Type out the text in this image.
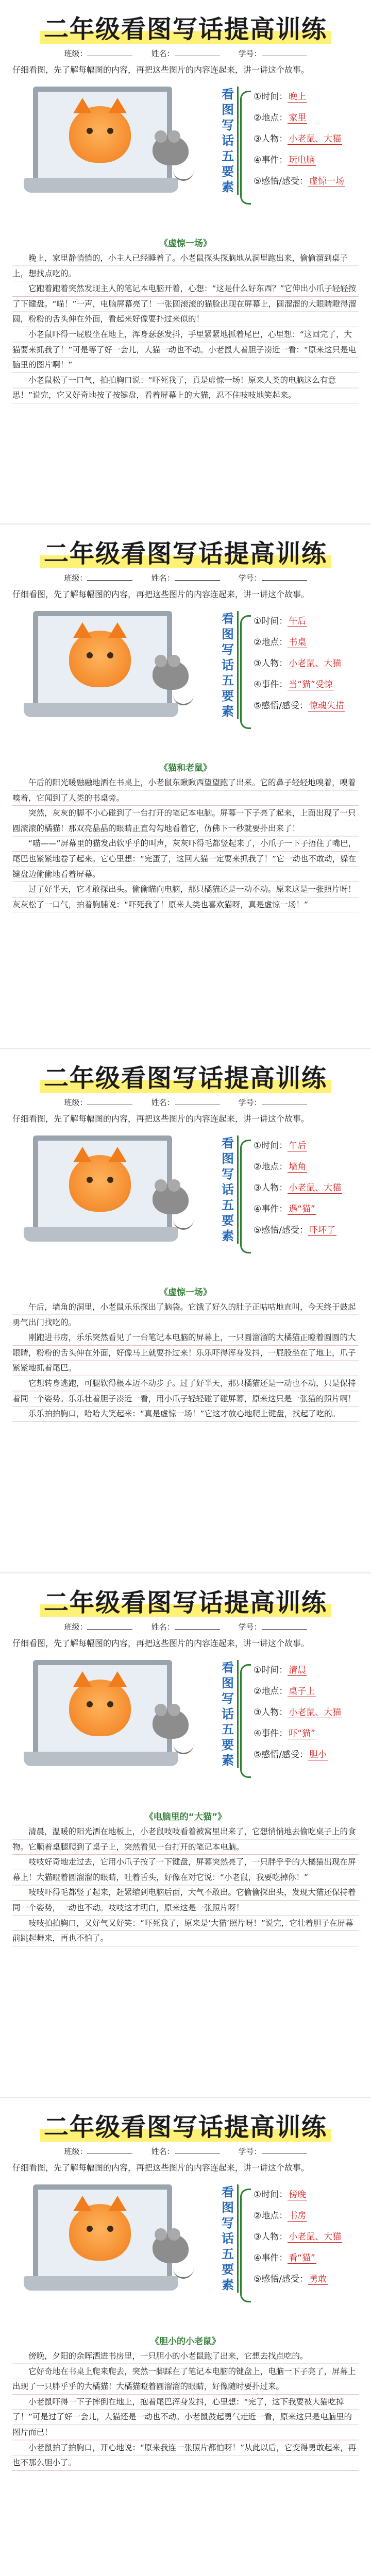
二年级看图写话提高训练
班级：	姓名：	学号：

仔细看图，先了解每幅图的内容，再把这些图片的内容连起来，讲一讲这个故事。

看图写话五要素
①时间： 晚上
②地点： 家里
③人物： 小老鼠、大猫
④事件： 玩电脑
⑤感悟/感受： 虚惊一场
《虚惊一场》

晚上，家里静悄悄的，小主人已经睡着了。小老鼠探头探脑地从洞里跑出来，偷偷溜到桌子上，想找点吃的。

它跑着跑着突然发现主人的笔记本电脑开着，心想：“这是什么好东西？”它伸出小爪子轻轻按了下键盘。“喵！”一声，电脑屏幕亮了！一张圆滚滚的猫脸出现在屏幕上，圆溜溜的大眼睛瞪得溜圆，粉粉的舌头伸在外面，看起来好像要扑过来似的！

小老鼠吓得一屁股坐在地上，浑身瑟瑟发抖，手里紧紧地抓着尾巴，心里想：“这回完了，大猫要来抓我了！”可是等了好一会儿，大猫一动也不动。小老鼠大着胆子凑近一看：“原来这只是电脑里的图片啊！”

小老鼠松了一口气，拍拍胸口说：“吓死我了，真是虚惊一场！原来人类的电脑这么有意思！”说完，它又好奇地按了按键盘，看着屏幕上的大猫，忍不住吱吱地笑起来。

二年级看图写话提高训练
班级：	姓名：	学号：

仔细看图，先了解每幅图的内容，再把这些图片的内容连起来，讲一讲这个故事。

看图写话五要素
①时间： 午后
②地点： 书桌
③人物： 小老鼠、大猫
④事件： 当“猫”受惊
⑤感悟/感受： 惊魂失措
《猫和老鼠》

午后的阳光暖融融地洒在书桌上，小老鼠东瞅瞅西望望跑了出来。它的鼻子轻轻地嗅着，嗅着嗅着，它闻到了人类的书桌旁。

突然，灰灰的脚不小心碰到了一台打开的笔记本电脑。屏幕一下子亮了起来，上面出现了一只圆滚滚的橘猫！那双亮晶晶的眼睛正直勾勾地看着它，仿佛下一秒就要扑出来了！

“喵——”屏幕里的猫发出软乎乎的叫声，灰灰吓得毛都竖起来了，小爪子一下子捂住了嘴巴，尾巴也紧紧地卷了起来。它心里想：“完蛋了，这回大猫一定要来抓我了！”它一动也不敢动，躲在键盘边偷偷地看着屏幕。

过了好半天，它才敢探出头。偷偷瞄向电脑，那只橘猫还是一动不动。原来这是一张照片呀！灰灰松了一口气，拍着胸脯说：“吓死我了！原来人类也喜欢猫呀，真是虚惊一场！”

二年级看图写话提高训练
班级：	姓名：	学号：

仔细看图，先了解每幅图的内容，再把这些图片的内容连起来，讲一讲这个故事。

看图写话五要素
①时间： 午后
②地点： 墙角
③人物： 小老鼠、大猫
④事件： 遇“猫”
⑤感悟/感受： 吓坏了
《虚惊一场》

午后，墙角的洞里，小老鼠乐乐探出了脑袋。它饿了好久的肚子正咕咕地直叫，今天终于鼓起勇气出门找吃的。

刚跑进书房，乐乐突然看见了一台笔记本电脑的屏幕上，一只圆溜溜的大橘猫正瞪着圆圆的大眼睛，粉粉的舌头伸在外面，好像马上就要扑过来！乐乐吓得浑身发抖，一屁股坐在了地上，爪子紧紧地抓着尾巴。

它想转身逃跑，可腿软得根本迈不动步子。过了好半天，那只橘猫还是一动也不动，只是保持着同一个姿势。乐乐壮着胆子凑近一看，用小爪子轻轻碰了碰屏幕，原来这只是一张猫的照片啊！

乐乐拍拍胸口，哈哈大笑起来：“真是虚惊一场！”它这才放心地爬上键盘，找起了吃的。

二年级看图写话提高训练
班级：	姓名：	学号：

仔细看图，先了解每幅图的内容，再把这些图片的内容连起来，讲一讲这个故事。

看图写话五要素
①时间： 清晨
②地点： 桌子上
③人物： 小老鼠、大猫
④事件： 吓“猫”
⑤感悟/感受： 胆小
《电脑里的“大猫”》

清晨，温暖的阳光洒在地板上，小老鼠吱吱看着被窝里出来了，它想悄悄地去偷吃桌子上的食物。它顺着桌腿爬到了桌子上，突然看见一台打开的笔记本电脑。

吱吱好奇地走过去，它用小爪子按了一下键盘，屏幕突然亮了，一只胖乎乎的大橘猫出现在屏幕上！大猫瞪着圆溜溜的眼睛，吐着舌头，好像在对它说：“小老鼠，我要吃掉你！”

吱吱吓得毛都竖了起来，赶紧缩到电脑后面，大气不敢出。它偷偷探出头，发现大猫还保持着同一个姿势，一动也不动。吱吱这才明白，原来这是一张照片呀！

吱吱拍拍胸口，又好气又好笑：“吓死我了，原来是‘大猫’照片呀！”说完，它壮着胆子在屏幕前跳起舞来，再也不怕了。

二年级看图写话提高训练
班级：	姓名：	学号：

仔细看图，先了解每幅图的内容，再把这些图片的内容连起来，讲一讲这个故事。

看图写话五要素
①时间： 傍晚
②地点： 书房
③人物： 小老鼠、大猫
④事件： 看“猫”
⑤感悟/感受： 勇敢
《胆小的小老鼠》

傍晚，夕阳的余晖洒进书房里，一只胆小的小老鼠跑了出来，它想去找点吃的。

它好奇地在书桌上爬来爬去，突然一脚踩在了笔记本电脑的键盘上，电脑一下子亮了，屏幕上出现了一只胖乎乎的大橘猫！大橘猫瞪着圆溜溜的眼睛，好像随时要扑过来。

小老鼠吓得一下子摔倒在地上，抱着尾巴浑身发抖，心里想：“完了，这下我要被大猫吃掉了！”可是过了好一会儿，大猫还是一动也不动。小老鼠鼓起勇气走近一看，原来这只是电脑里的图片而已！

小老鼠拍了拍胸口，开心地说：“原来我连一张照片都怕呀！”从此以后，它变得勇敢起来，再也不那么胆小了。
